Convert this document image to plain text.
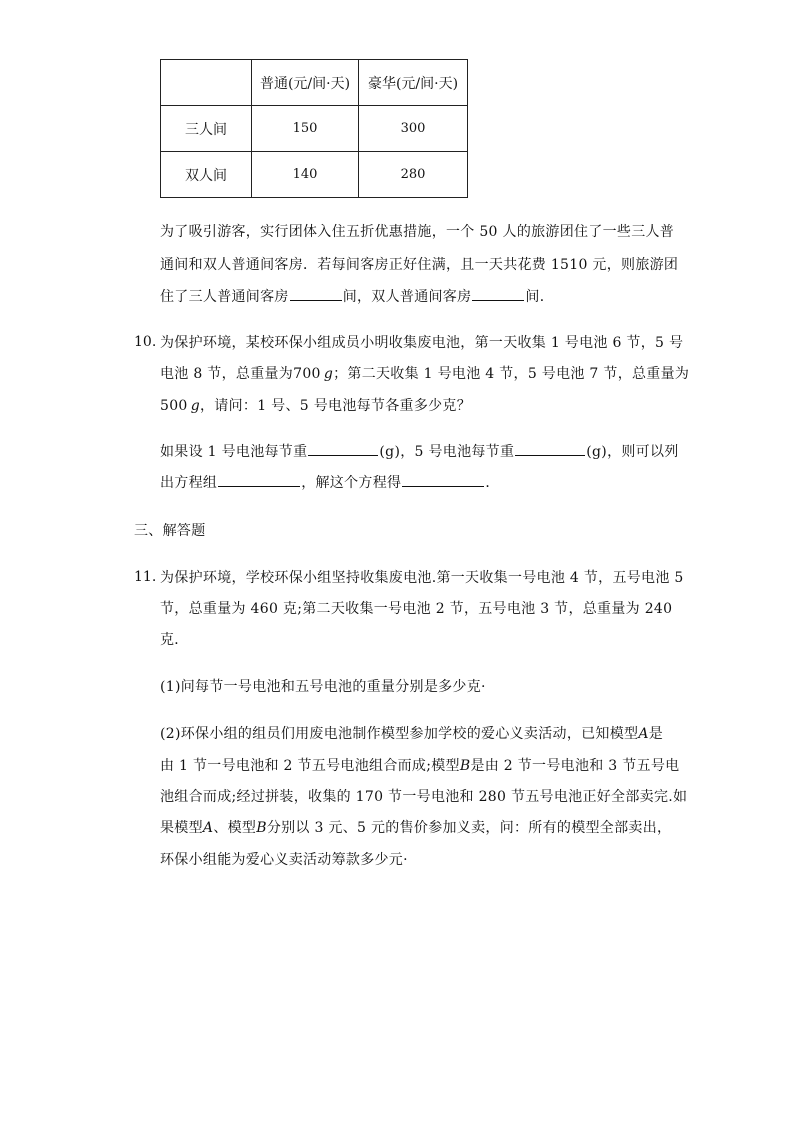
	普通(元/间·天)	豪华(元/间·天)
三人间	150	300
双人间	140	280
为了吸引游客，实行团体入住五折优惠措施，一个 50 人的旅游团住了一些三人普
通间和双人普通间客房．若每间客房正好住满，且一天共花费 1510 元，则旅游团
住了三人普通间客房	间，双人普通间客房	间．
10. 为保护环境，某校环保小组成员小明收集废电池，第一天收集 1 号电池 6 节，5 号
电池 8 节，总重量为700  g；第二天收集 1 号电池 4 节，5 号电池 7 节，总重量为
500  g，请问：1 号、5 号电池每节各重多少克？
如果设 1 号电池每节重	(g)，5 号电池每节重	(g)，则可以列
出方程组	，解这个方程得	．
三、解答题
11. 为保护环境，学校环保小组坚持收集废电池.第一天收集一号电池 4 节，五号电池 5
节，总重量为 460 克;第二天收集一号电池 2 节，五号电池 3 节，总重量为 240
克．
(1)问每节一号电池和五号电池的重量分别是多少克·
(2)环保小组的组员们用废电池制作模型参加学校的爱心义卖活动，已知模型A是
由 1 节一号电池和 2 节五号电池组合而成;模型B是由 2 节一号电池和 3 节五号电
池组合而成;经过拼装，收集的 170 节一号电池和 280 节五号电池正好全部卖完.如
果模型A、模型B分别以 3 元、5 元的售价参加义卖，问：所有的模型全部卖出，
环保小组能为爱心义卖活动筹款多少元·
